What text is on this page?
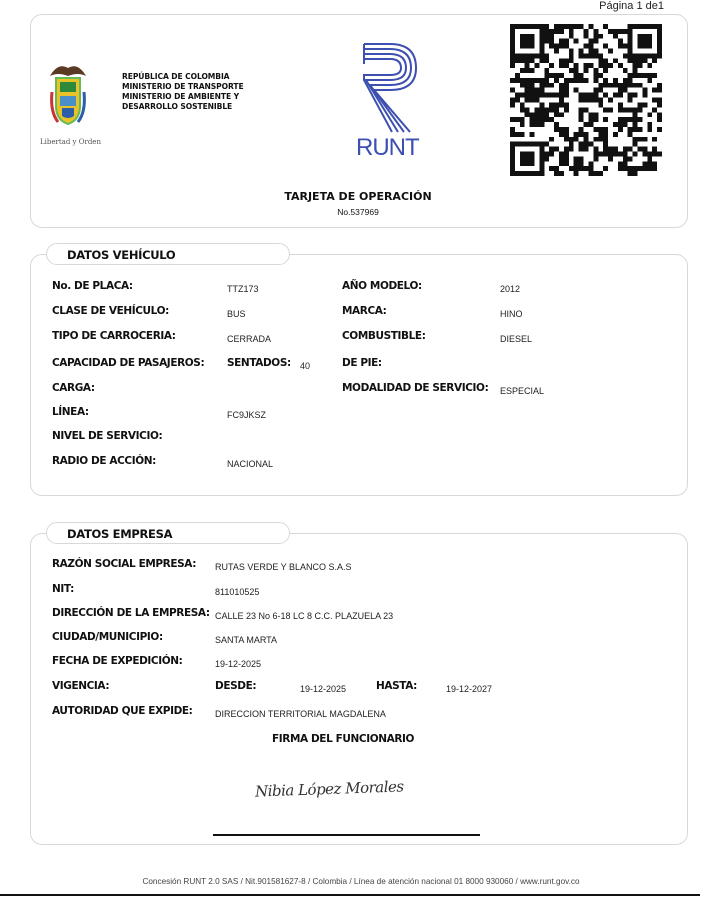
Página 1 de1
Libertad y Orden
REPÚBLICA DE COLOMBIA
MINISTERIO DE TRANSPORTE
MINISTERIO DE AMBIENTE Y
DESARROLLO SOSTENIBLE
RUNT
TARJETA DE OPERACIÓN
No.537969
DATOS VEHÍCULO
No. DE PLACA:	TTZ173	AÑO MODELO:	2012
CLASE DE VEHÍCULO:	BUS	MARCA:	HINO
TIPO DE CARROCERIA:	CERRADA	COMBUSTIBLE:	DIESEL
CAPACIDAD DE PASAJEROS: SENTADOS: 40	DE PIE:
CARGA:	MODALIDAD DE SERVICIO: ESPECIAL
LÍNEA:	FC9JKSZ
NIVEL DE SERVICIO:
RADIO DE ACCIÓN:	NACIONAL
DATOS EMPRESA
RAZÓN SOCIAL EMPRESA: RUTAS VERDE Y BLANCO S.A.S
NIT:	811010525
DIRECCIÓN DE LA EMPRESA: CALLE 23 No 6-18 LC 8 C.C. PLAZUELA 23
CIUDAD/MUNICIPIO:	SANTA MARTA
FECHA DE EXPEDICIÓN:	19-12-2025
VIGENCIA:	DESDE:	19-12-2025	HASTA:	19-12-2027
AUTORIDAD QUE EXPIDE:	DIRECCION TERRITORIAL MAGDALENA
FIRMA DEL FUNCIONARIO
Nibia López Morales
Concesión RUNT 2.0 SAS / Nit.901581627-8 / Colombia / Línea de atención nacional 01 8000 930060 / www.runt.gov.co
